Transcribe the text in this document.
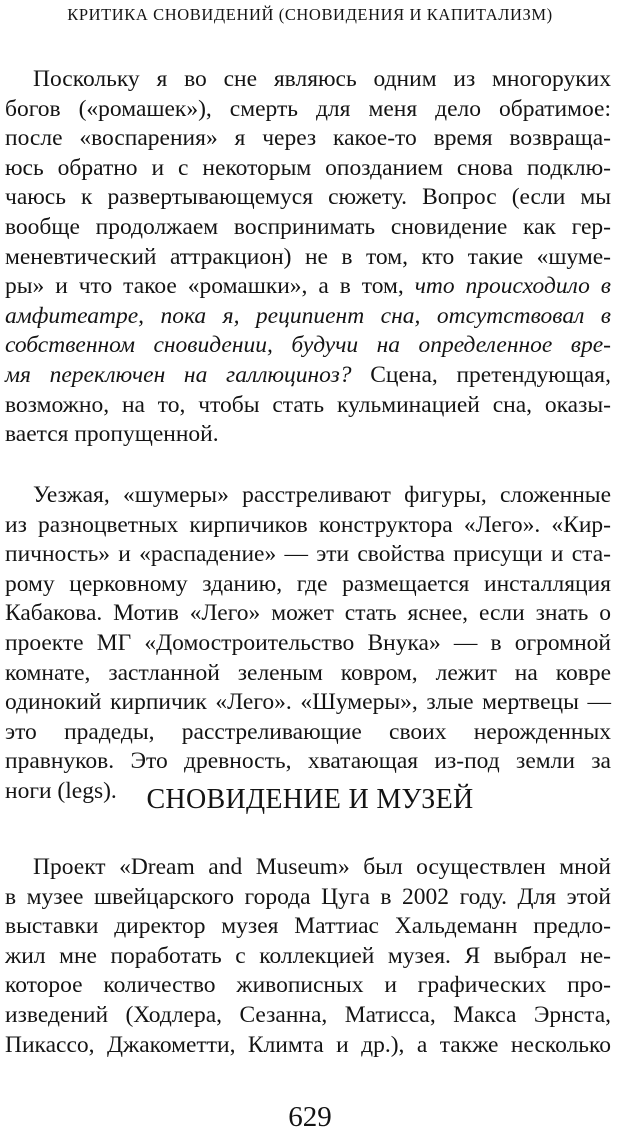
КРИТИКА СНОВИДЕНИЙ (СНОВИДЕНИЯ И КАПИТАЛИЗМ)
Поскольку я во сне являюсь одним из многоруких
богов («ромашек»), смерть для меня дело обратимое:
после «воспарения» я через какое-то время возвраща-
юсь обратно и с некоторым опозданием снова подклю-
чаюсь к развертывающемуся сюжету. Вопрос (если мы
вообще продолжаем воспринимать сновидение как гер-
меневтический аттракцион) не в том, кто такие «шуме-
ры» и что такое «ромашки», а в том, что происходило в
амфитеатре, пока я, реципиент сна, отсутствовал в
собственном сновидении, будучи на определенное вре-
мя переключен на галлюциноз? Сцена, претендующая,
возможно, на то, чтобы стать кульминацией сна, оказы-
вается пропущенной.
Уезжая, «шумеры» расстреливают фигуры, сложенные
из разноцветных кирпичиков конструктора «Лего». «Кир-
пичность» и «распадение» — эти свойства присущи и ста-
рому церковному зданию, где размещается инсталляция
Кабакова. Мотив «Лего» может стать яснее, если знать о
проекте МГ «Домостроительство Внука» — в огромной
комнате, застланной зеленым ковром, лежит на ковре
одинокий кирпичик «Лего». «Шумеры», злые мертвецы —
это прадеды, расстреливающие своих нерожденных
правнуков. Это древность, хватающая из-под земли за
ноги (legs).	СНОВИДЕНИЕ И МУЗЕЙ
Проект «Dream and Museum» был осуществлен мной
в музее швейцарского города Цуга в 2002 году. Для этой
выставки директор музея Маттиас Хальдеманн предло-
жил мне поработать с коллекцией музея. Я выбрал не-
которое количество живописных и графических про-
изведений (Ходлера, Сезанна, Матисса, Макса Эрнста,
Пикассо, Джакометти, Климта и др.), а также несколько
629
